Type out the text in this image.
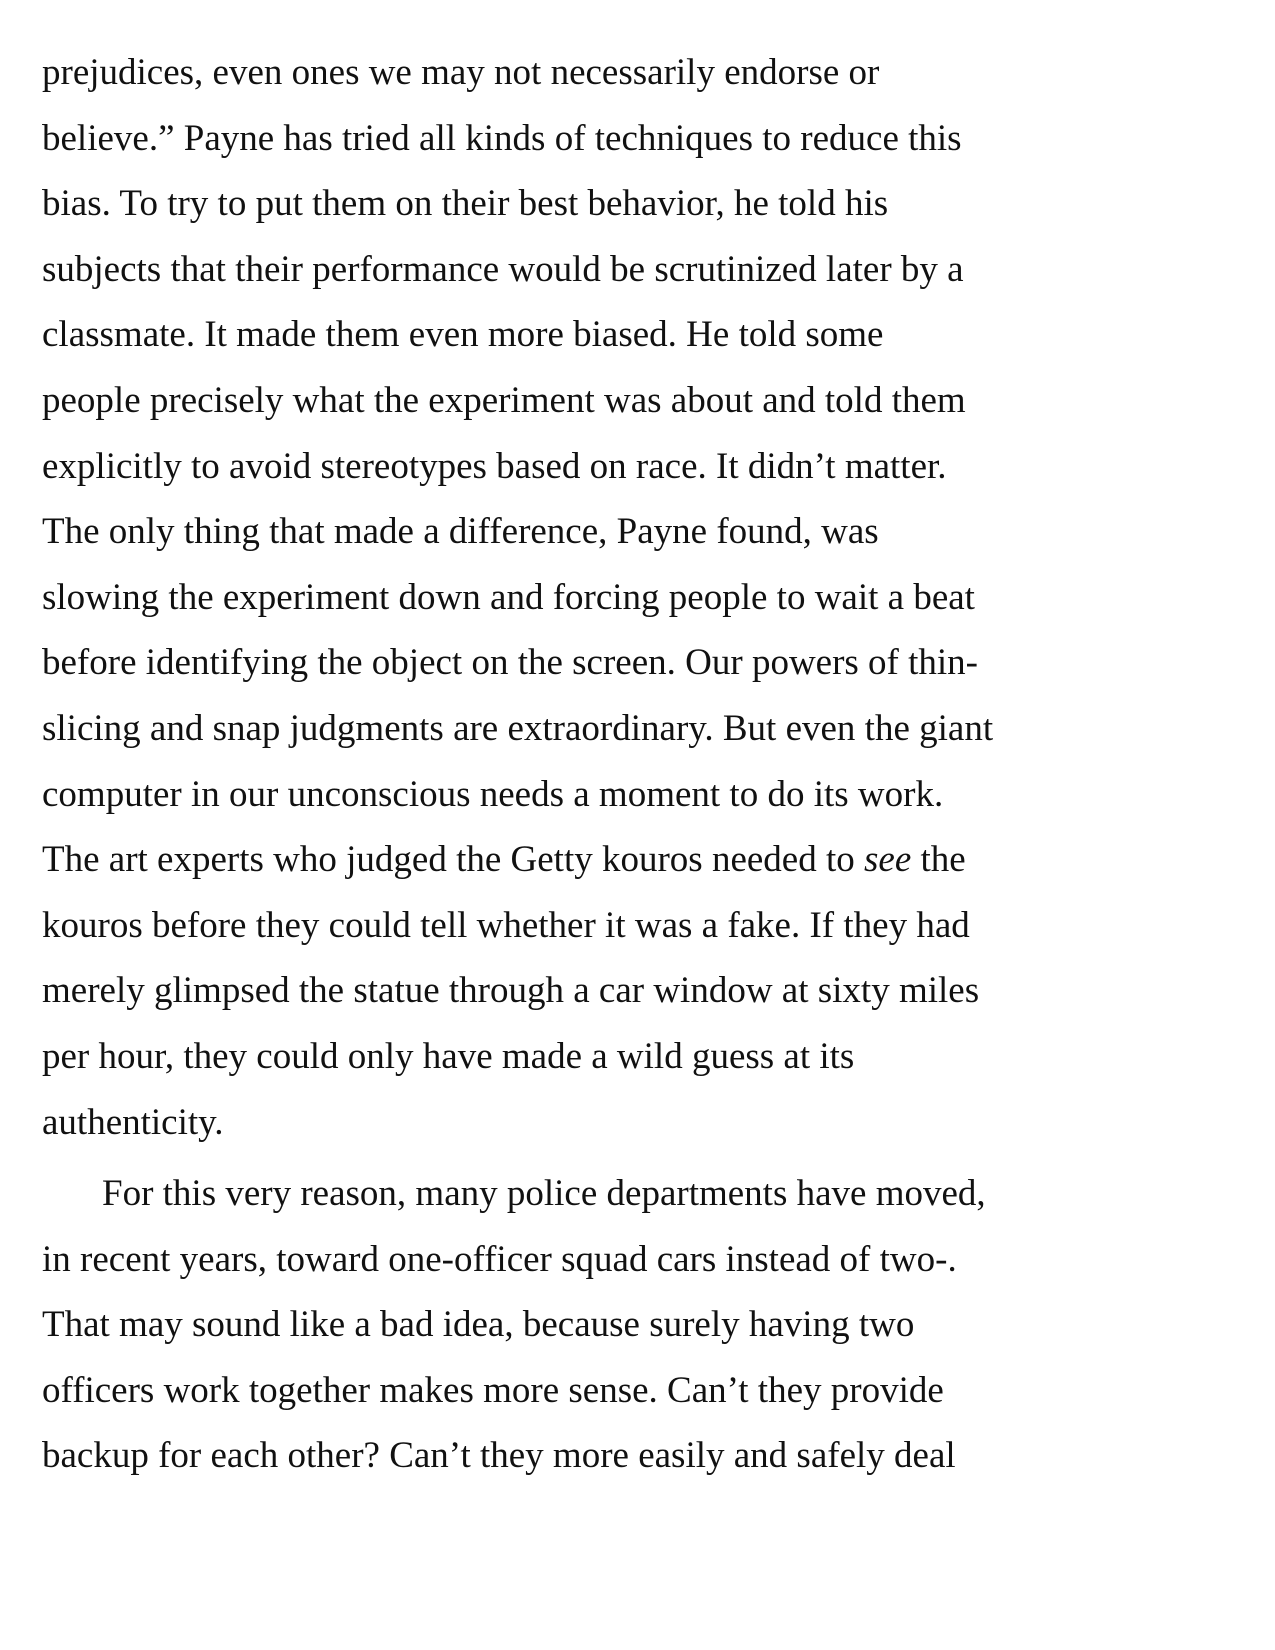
prejudices, even ones we may not necessarily endorse or
believe.” Payne has tried all kinds of techniques to reduce this
bias. To try to put them on their best behavior, he told his
subjects that their performance would be scrutinized later by a
classmate. It made them even more biased. He told some
people precisely what the experiment was about and told them
explicitly to avoid stereotypes based on race. It didn’t matter.
The only thing that made a difference, Payne found, was
slowing the experiment down and forcing people to wait a beat
before identifying the object on the screen. Our powers of thin-
slicing and snap judgments are extraordinary. But even the giant
computer in our unconscious needs a moment to do its work.
The art experts who judged the Getty kouros needed to see the
kouros before they could tell whether it was a fake. If they had
merely glimpsed the statue through a car window at sixty miles
per hour, they could only have made a wild guess at its
authenticity.
For this very reason, many police departments have moved,
in recent years, toward one-officer squad cars instead of two-.
That may sound like a bad idea, because surely having two
officers work together makes more sense. Can’t they provide
backup for each other? Can’t they more easily and safely deal
